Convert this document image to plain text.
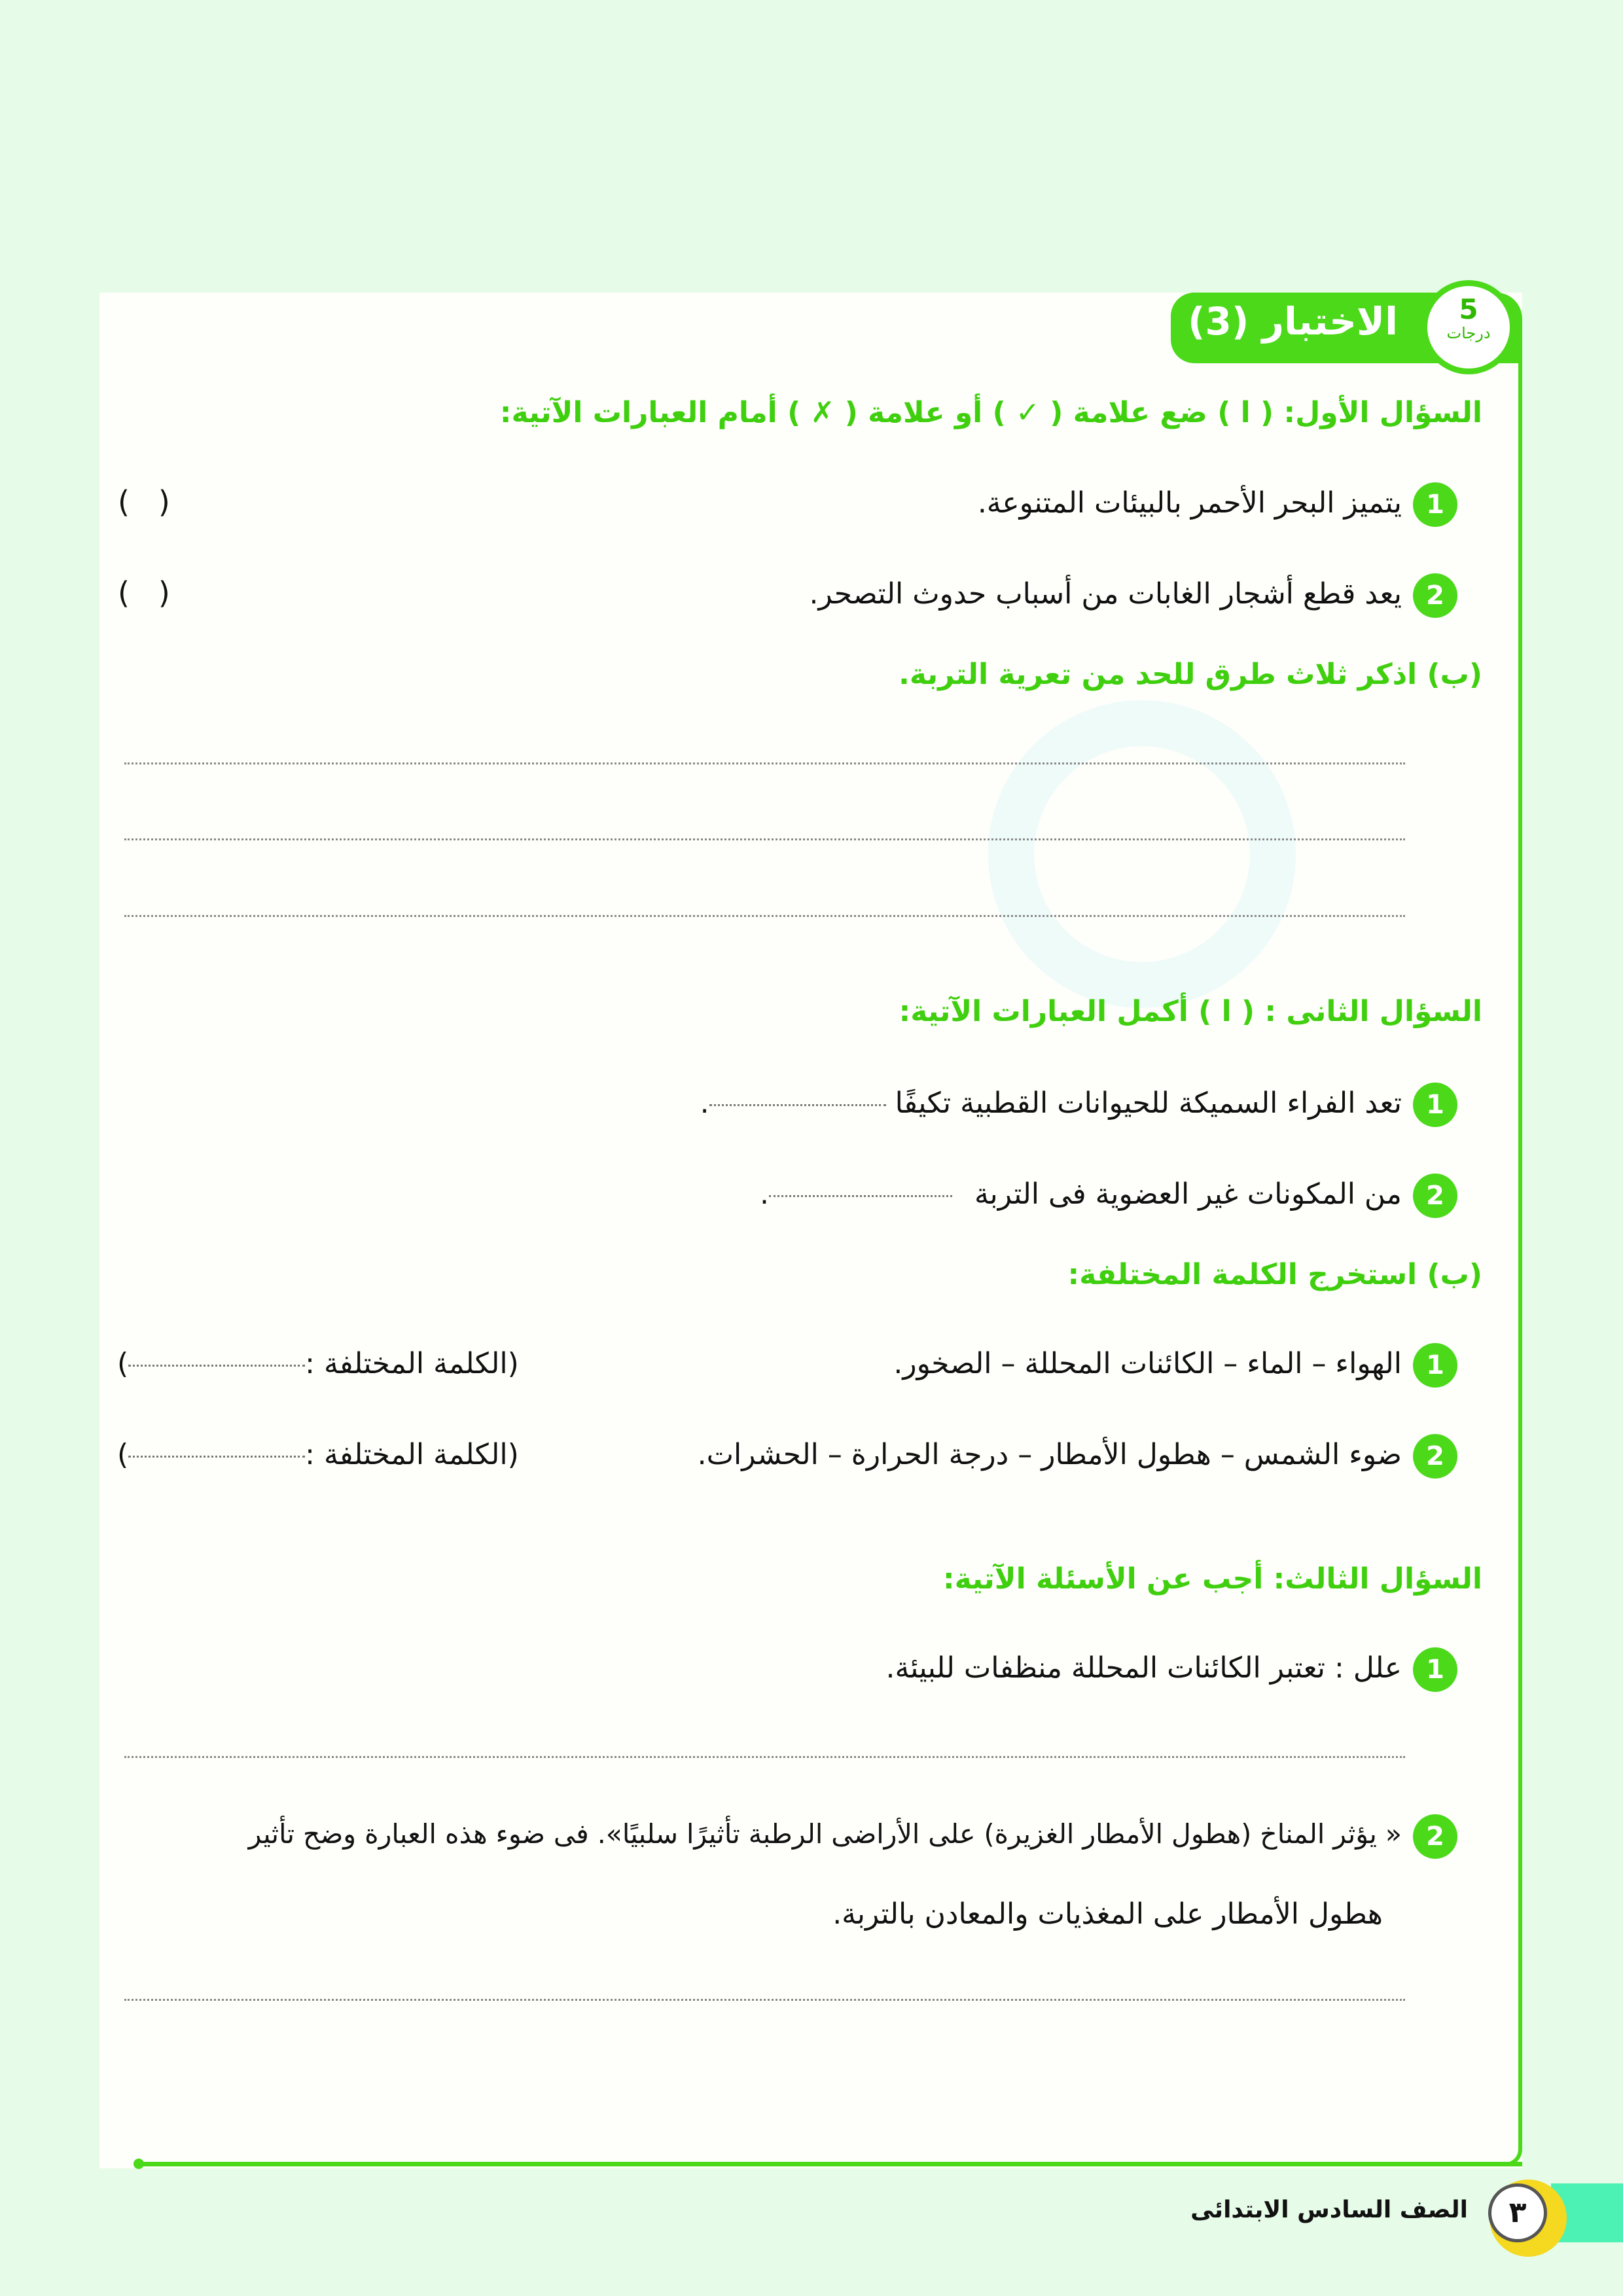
الاختبار (3)	5
درجات
السؤال الأول: ( ا ) ضع علامة ( ✓ ) أو علامة ( ✗ ) أمام العبارات الآتية:
1
يتميز البحر الأحمر بالبيئات المتنوعة.
(   )
2
يعد قطع أشجار الغابات من أسباب حدوث التصحر.
(   )
(ب) اذكر ثلاث طرق للحد من تعرية التربة.
السؤال الثانى : ( ا ) أكمل العبارات الآتية:
1
تعد الفراء السميكة للحيوانات القطبية تكيفًا .
2
من المكونات غير العضوية فى التربة .
(ب) استخرج الكلمة المختلفة:
1
الهواء – الماء – الكائنات المحللة – الصخور.
(الكلمة المختلفة :)
2
ضوء الشمس – هطول الأمطار – درجة الحرارة – الحشرات.
(الكلمة المختلفة :)
السؤال الثالث: أجب عن الأسئلة الآتية:
1
علل : تعتبر الكائنات المحللة منظفات للبيئة.
2
« يؤثر المناخ (هطول الأمطار الغزيرة) على الأراضى الرطبة تأثيرًا سلبيًا». فى ضوء هذه العبارة وضح تأثير
هطول الأمطار على المغذيات والمعادن بالتربة.
٣
الصف السادس الابتدائى
